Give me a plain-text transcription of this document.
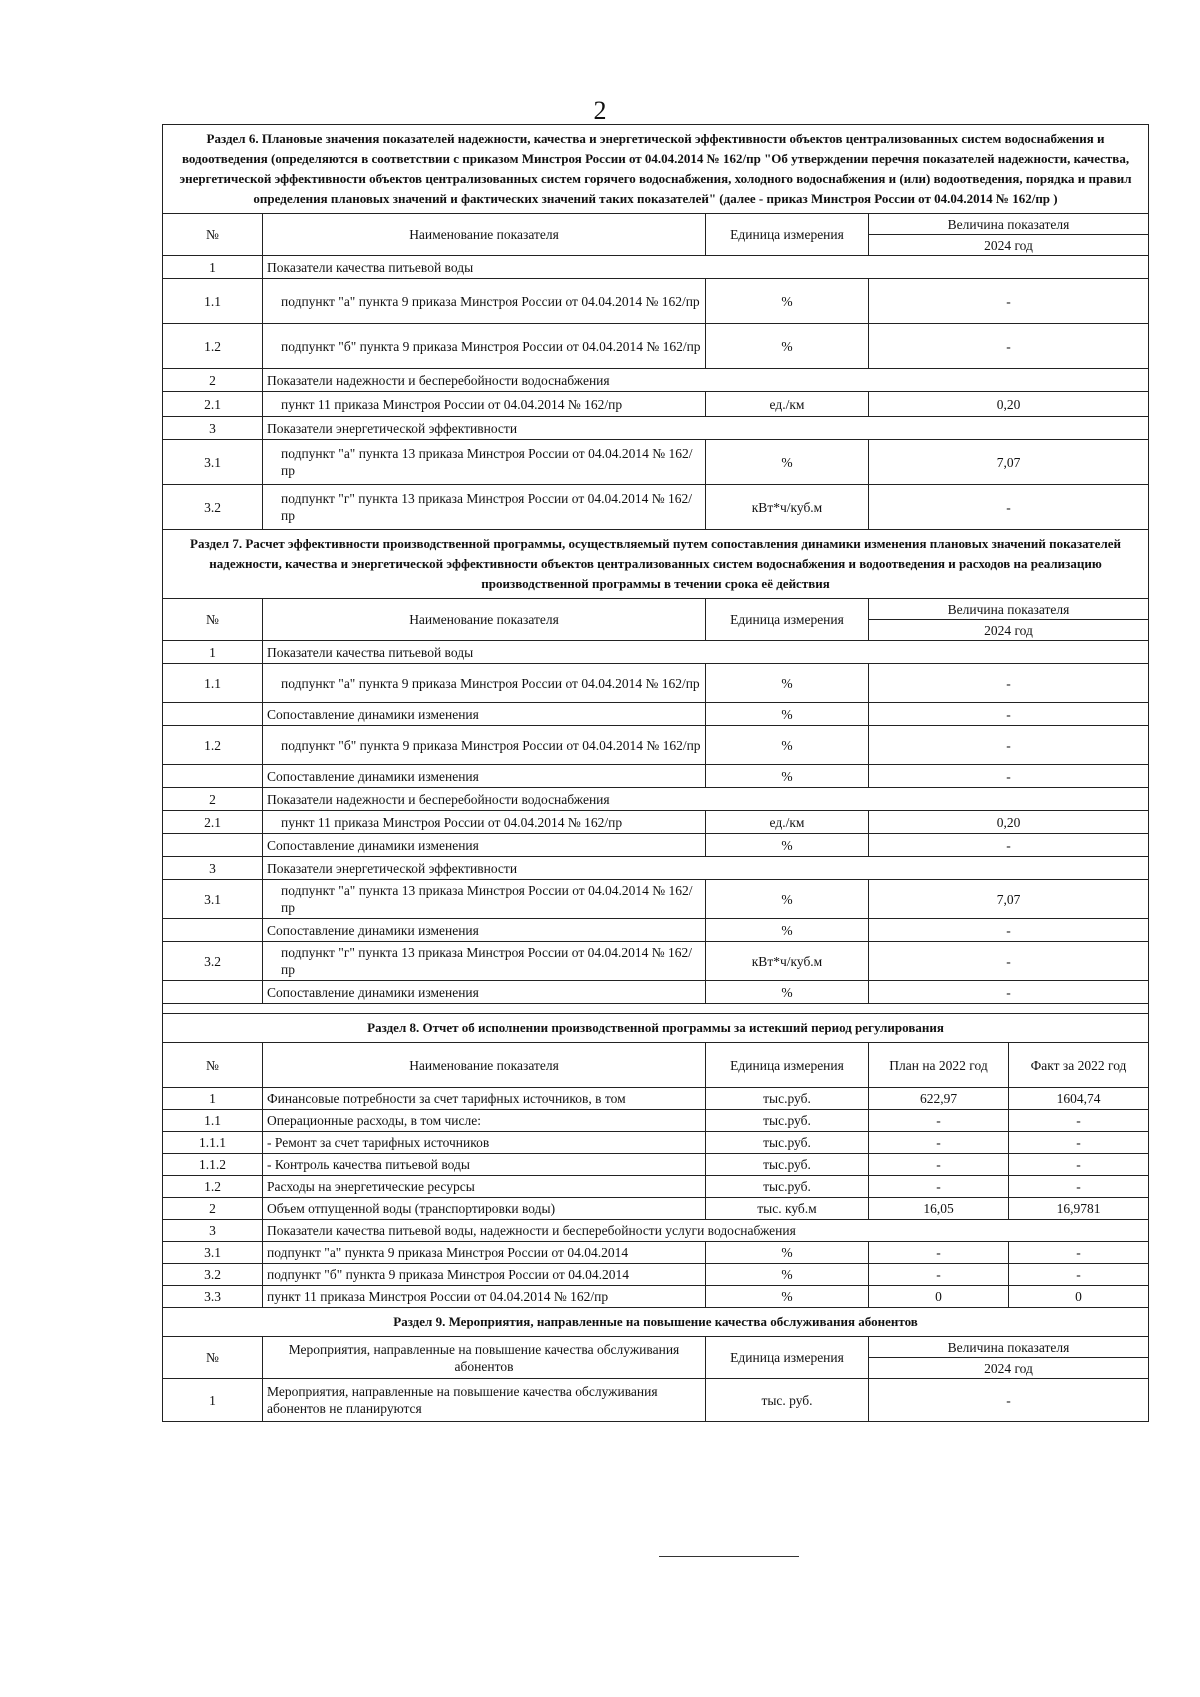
2
Раздел 6. Плановые значения показателей надежности, качества и энергетической эффективности объектов централизованных систем водоснабжения и водоотведения (определяются в соответствии с приказом Минстроя России от 04.04.2014 № 162/пр "Об утверждении перечня показателей надежности, качества, энергетической эффективности объектов централизованных систем горячего водоснабжения, холодного водоснабжения и (или) водоотведения, порядка и правил определения плановых значений и фактических значений таких показателей" (далее - приказ Минстроя России от 04.04.2014 № 162/пр )				
№	Наименование показателя	Единица измерения	Величина показателя	
			2024 год	
1	Показатели качества питьевой воды			
1.1	подпункт "а" пункта 9 приказа Минстроя России от 04.04.2014 № 162/пр	%	-	
1.2	подпункт "б" пункта 9 приказа Минстроя России от 04.04.2014 № 162/пр	%	-	
2	Показатели надежности и бесперебойности водоснабжения			
2.1	пункт 11 приказа Минстроя России от 04.04.2014 № 162/пр	ед./км	0,20	
3	Показатели энергетической эффективности			
3.1	подпункт "а" пункта 13 приказа Минстроя России от 04.04.2014 № 162/пр	%	7,07	
3.2	подпункт "г" пункта 13 приказа Минстроя России от 04.04.2014 № 162/пр	кВт*ч/куб.м	-	
Раздел 7. Расчет эффективности производственной программы, осуществляемый путем сопоставления динамики изменения плановых значений показателей надежности, качества и энергетической эффективности объектов централизованных систем водоснабжения и водоотведения и расходов на реализацию производственной программы в течении срока её действия				
№	Наименование показателя	Единица измерения	Величина показателя	
			2024 год	
1	Показатели качества питьевой воды			
1.1	подпункт "а" пункта 9 приказа Минстроя России от 04.04.2014 № 162/пр	%	-	
	Сопоставление динамики изменения	%	-	
1.2	подпункт "б" пункта 9 приказа Минстроя России от 04.04.2014 № 162/пр	%	-	
	Сопоставление динамики изменения	%	-	
2	Показатели надежности и бесперебойности водоснабжения			
2.1	пункт 11 приказа Минстроя России от 04.04.2014 № 162/пр	ед./км	0,20	
	Сопоставление динамики изменения	%	-	
3	Показатели энергетической эффективности			
3.1	подпункт "а" пункта 13 приказа Минстроя России от 04.04.2014 № 162/пр	%	7,07	
	Сопоставление динамики изменения	%	-	
3.2	подпункт "г" пункта 13 приказа Минстроя России от 04.04.2014 № 162/пр	кВт*ч/куб.м	-	
	Сопоставление динамики изменения	%	-	

Раздел 8. Отчет об исполнении производственной программы за истекший период регулирования				
№	Наименование показателя	Единица измерения	План на 2022 год	Факт за 2022 год
1	Финансовые потребности за счет тарифных источников, в том	тыс.руб.	622,97	1604,74
1.1	Операционные расходы, в том числе:	тыс.руб.	-	-
1.1.1	- Ремонт за счет тарифных источников	тыс.руб.	-	-
1.1.2	- Контроль качества питьевой воды	тыс.руб.	-	-
1.2	Расходы на энергетические ресурсы	тыс.руб.	-	-
2	Объем отпущенной воды (транспортировки воды)	тыс. куб.м	16,05	16,9781
3	Показатели качества питьевой воды, надежности и бесперебойности услуги водоснабжения			
3.1	подпункт "а" пункта 9 приказа Минстроя России от 04.04.2014	%	-	-
3.2	подпункт "б" пункта 9 приказа Минстроя России от 04.04.2014	%	-	-
3.3	пункт 11 приказа Минстроя России от 04.04.2014 № 162/пр	%	0	0
Раздел 9. Мероприятия, направленные на повышение качества обслуживания абонентов				
№	Мероприятия, направленные на повышение качества обслуживания абонентов	Единица измерения	Величина показателя	
			2024 год	
1	Мероприятия, направленные на повышение качества обслуживания абонентов не планируются	тыс. руб.	-	
